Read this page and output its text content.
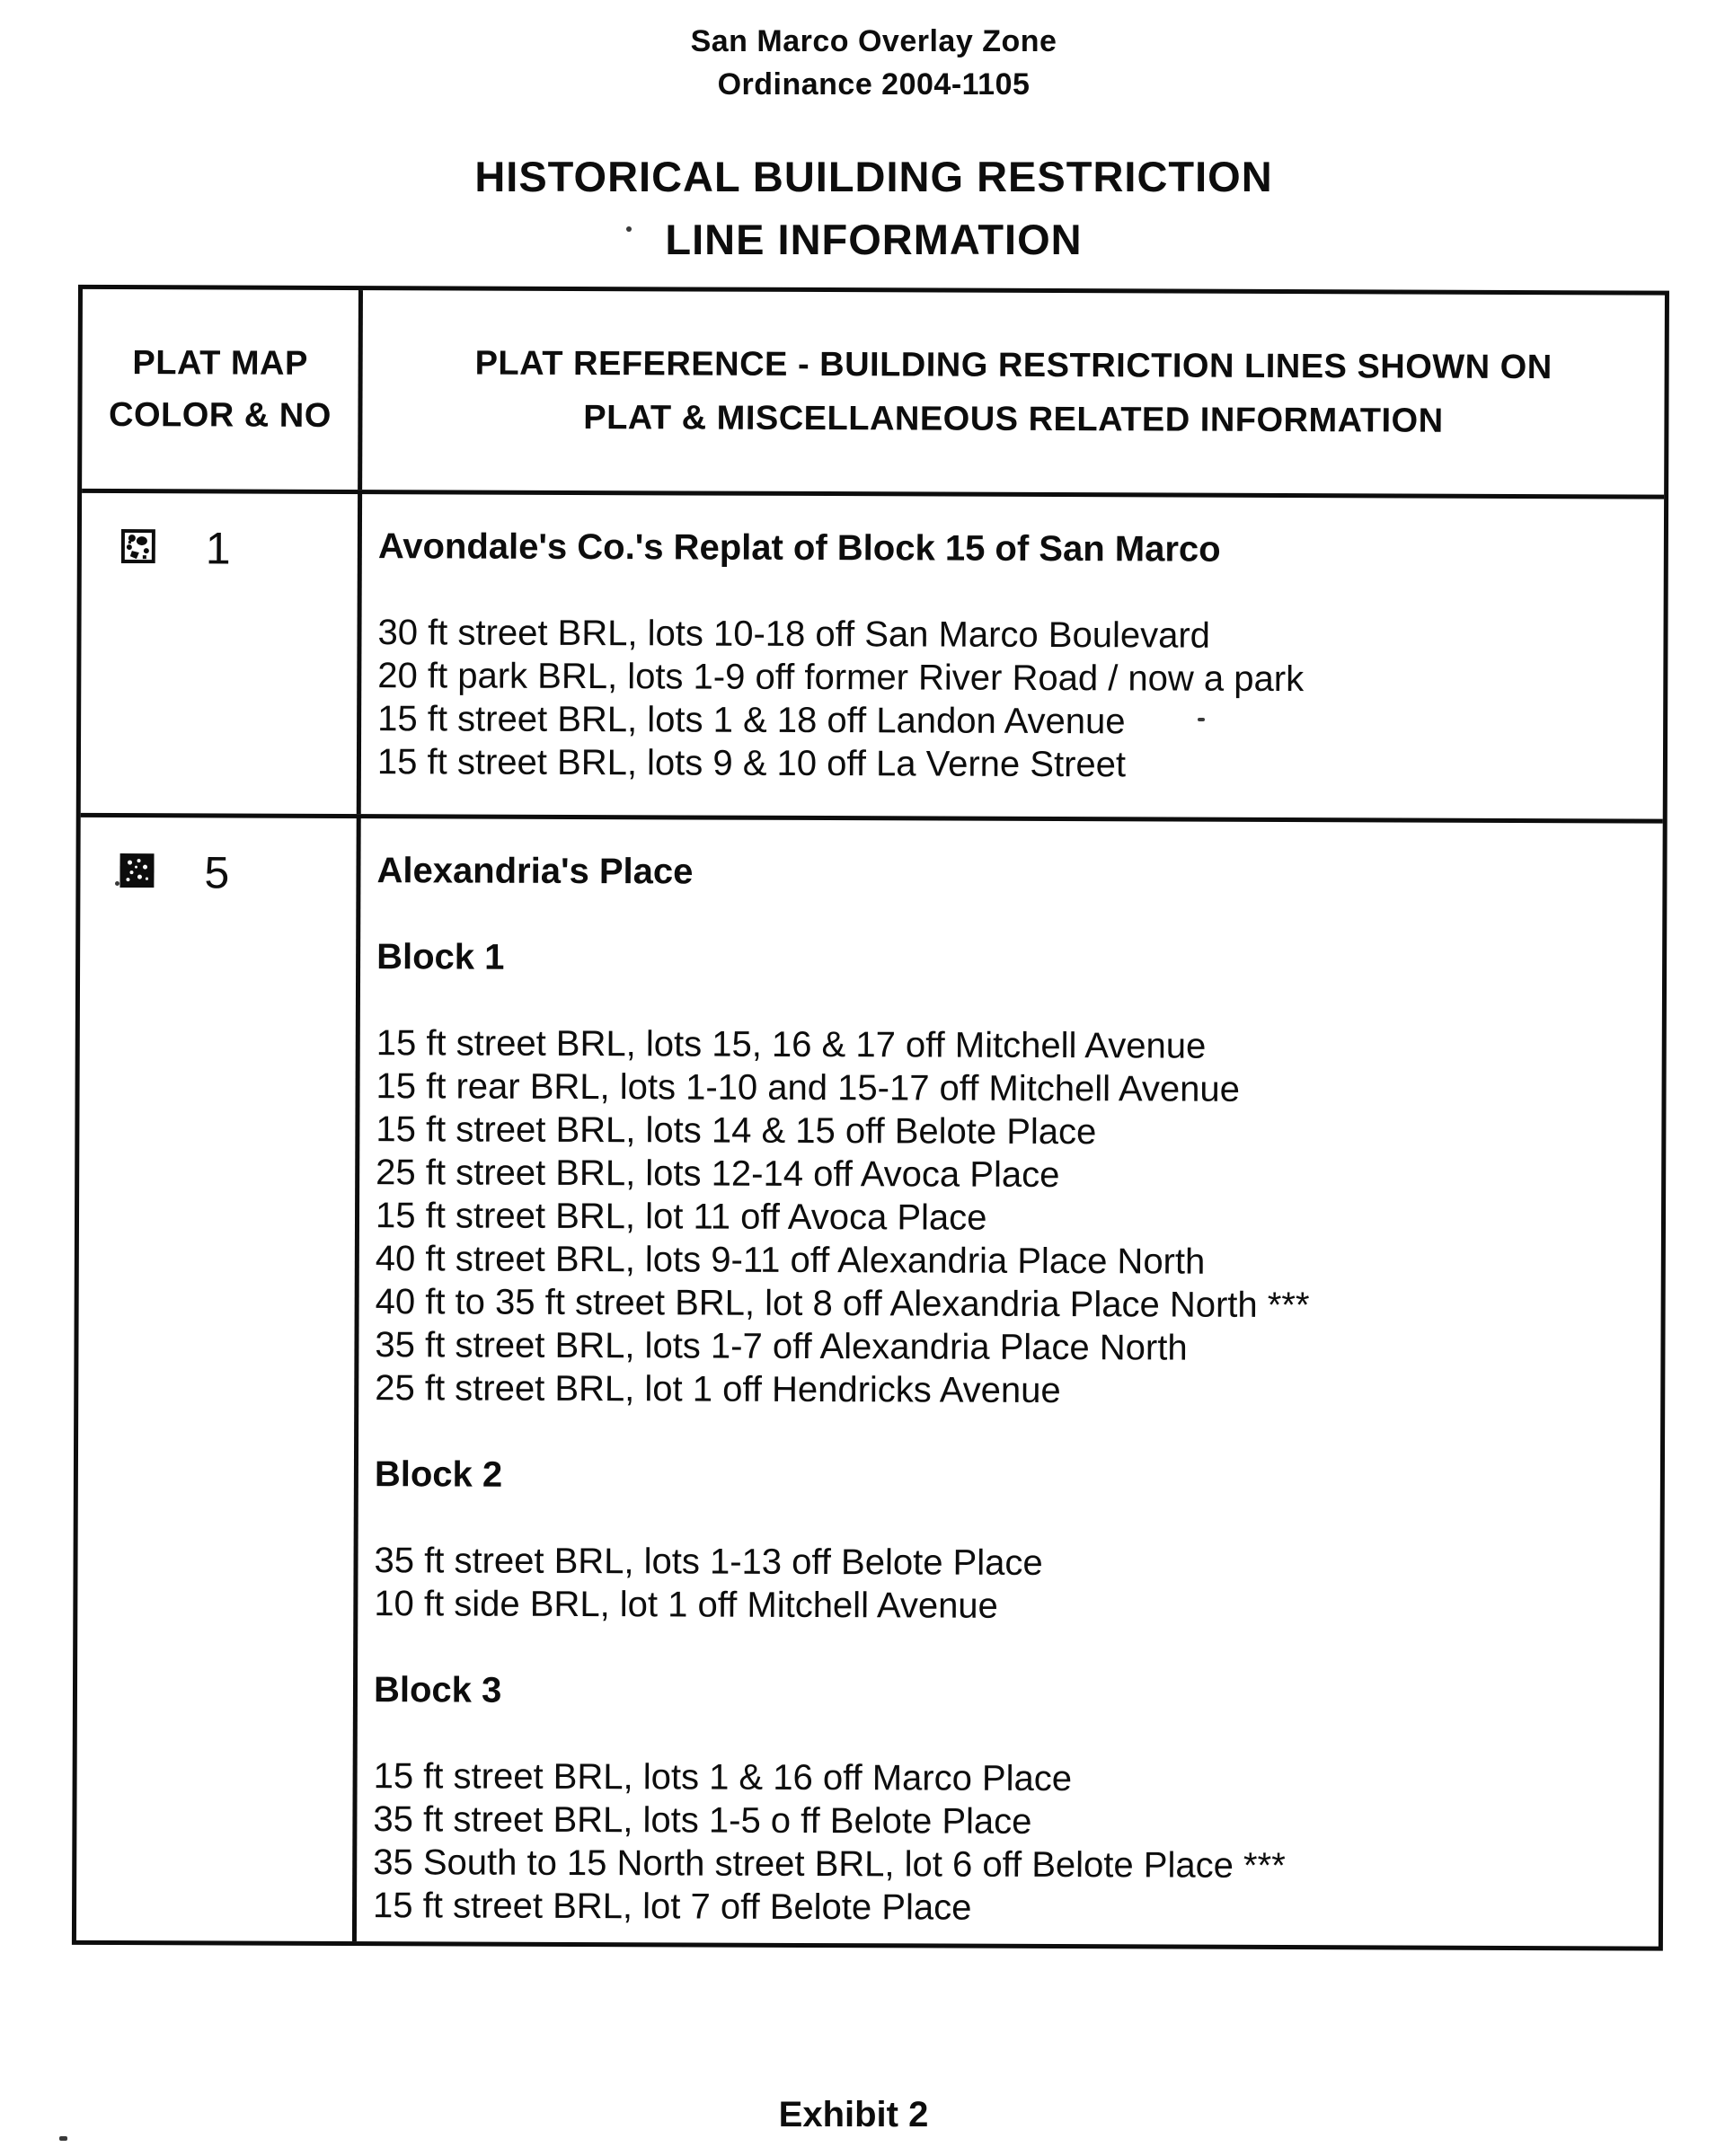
San Marco Overlay Zone
Ordinance 2004-1105
HISTORICAL BUILDING RESTRICTION
LINE INFORMATION
PLAT MAP
COLOR & NO
PLAT REFERENCE - BUILDING RESTRICTION LINES SHOWN ON
PLAT & MISCELLANEOUS RELATED INFORMATION
1	Avondale's Co.'s Replat of Block 15 of San Marco

30 ft street BRL, lots 10-18 off San Marco Boulevard

20 ft park BRL, lots 1-9 off former River Road / now a park

15 ft street BRL, lots 1 & 18 off Landon Avenue

15 ft street BRL, lots 9 & 10 off La Verne Street

5	Alexandria's Place

Block 1

15 ft street BRL, lots 15, 16 & 17 off Mitchell Avenue

15 ft rear BRL, lots 1-10 and 15-17 off Mitchell Avenue

15 ft street BRL, lots 14 & 15 off Belote Place

25 ft street BRL, lots 12-14 off Avoca Place

15 ft street BRL, lot 11 off Avoca Place

40 ft street BRL, lots 9-11 off Alexandria Place North

40 ft to 35 ft street BRL, lot 8 off Alexandria Place North ***

35 ft street BRL, lots 1-7 off Alexandria Place North

25 ft street BRL, lot 1 off Hendricks Avenue

Block 2

35 ft street BRL, lots 1-13 off Belote Place

10 ft side BRL, lot 1 off Mitchell Avenue

Block 3

15 ft street BRL, lots 1 & 16 off Marco Place

35 ft street BRL, lots 1-5 o ff Belote Place

35 South to 15 North street BRL, lot 6 off Belote Place ***

15 ft street BRL, lot 7 off Belote Place

Exhibit 2
